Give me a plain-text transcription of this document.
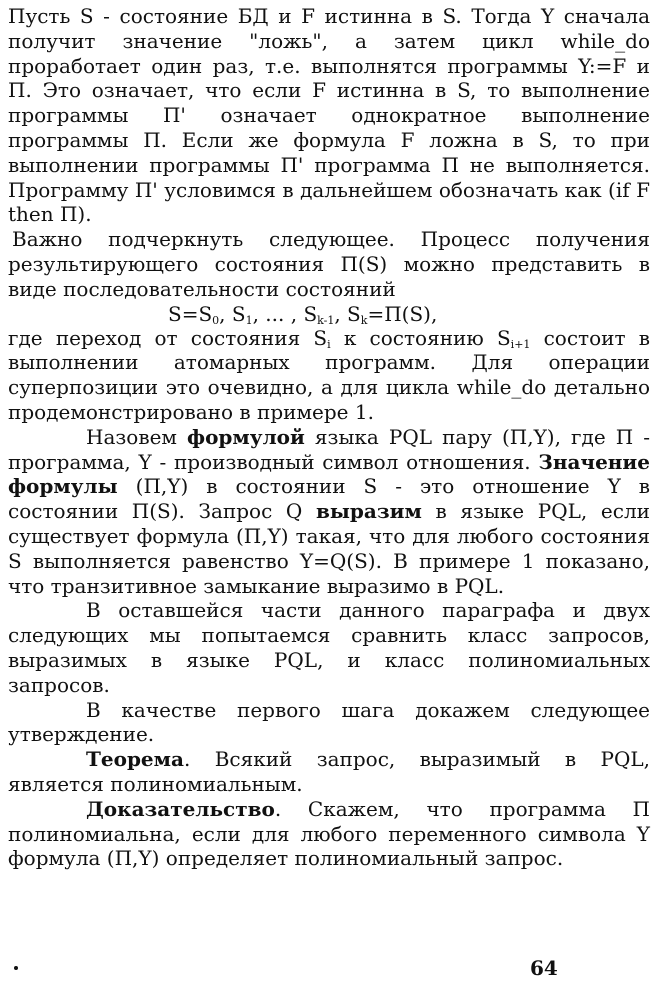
Пусть S - состояние БД и F истинна в S. Тогда Y сначала получит значение "ложь", а затем цикл while_do проработает один раз, т.е. выполнятся программы Y:=F и П. Это означает, что если F истинна в S, то выполнение программы П' означает однократное выполнение программы П. Если же формула F ложна в S, то при выполнении программы П' программа П не выполняется. Программу П' условимся в дальнейшем обозначать как (if F then П).

Важно подчеркнуть следующее. Процесс получения результирующего состояния П(S) можно представить в виде последовательности состояний

$S=S_0$, $S_1$, ... , $S_{k-1}$, $S_k=П(S)$,

где переход от состояния $S_i$ к состоянию $S_{i+1}$ состоит в выполнении атомарных программ. Для операции суперпозиции это очевидно, а для цикла while_do детально продемонстрировано в примере 1.

Назовем формулой языка PQL пару (П,Y), где П - программа, Y - производный символ отношения. Значение формулы (П,Y) в состоянии S - это отношение Y в состоянии П(S). Запрос Q выразим в языке PQL, если существует формула (П,Y) такая, что для любого состояния S выполняется равенство Y=Q(S). В примере 1 показано, что транзитивное замыкание выразимо в PQL.

В оставшейся части данного параграфа и двух следующих мы попытаемся сравнить класс запросов, выразимых в языке PQL, и класс полиномиальных запросов.

В качестве первого шага докажем следующее утверждение.

Теорема. Всякий запрос, выразимый в PQL, является полиномиальным.

Доказательство. Скажем, что программа П полиномиальна, если для любого переменного символа Y формула (П,Y) определяет полиномиальный запрос.

64
